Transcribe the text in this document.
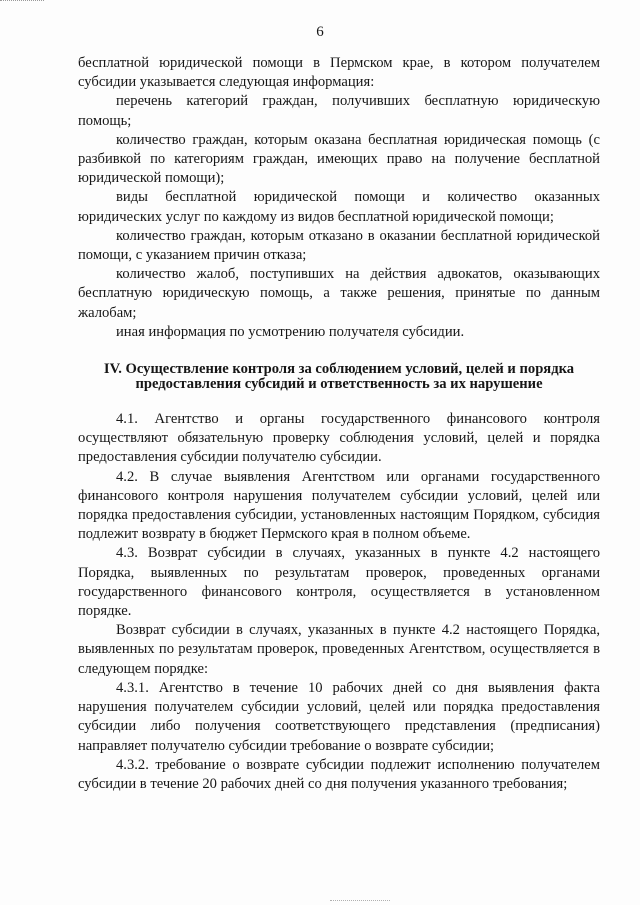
6

бесплатной юридической помощи в Пермском крае, в котором получателем субсидии указывается следующая информация:

перечень категорий граждан, получивших бесплатную юридическую помощь;

количество граждан, которым оказана бесплатная юридическая помощь (с разбивкой по категориям граждан, имеющих право на получение бесплатной юридической помощи);

виды бесплатной юридической помощи и количество оказанных юридических услуг по каждому из видов бесплатной юридической помощи;

количество граждан, которым отказано в оказании бесплатной юридической помощи, с указанием причин отказа;

количество жалоб, поступивших на действия адвокатов, оказывающих бесплатную юридическую помощь, а также решения, принятые по данным жалобам;

иная информация по усмотрению получателя субсидии.

IV. Осуществление контроля за соблюдением условий, целей и порядка предоставления субсидий и ответственность за их нарушение

4.1. Агентство и органы государственного финансового контроля осуществляют обязательную проверку соблюдения условий, целей и порядка предоставления субсидии получателю субсидии.

4.2. В случае выявления Агентством или органами государственного финансового контроля нарушения получателем субсидии условий, целей или порядка предоставления субсидии, установленных настоящим Порядком, субсидия подлежит возврату в бюджет Пермского края в полном объеме.

4.3. Возврат субсидии в случаях, указанных в пункте 4.2 настоящего Порядка, выявленных по результатам проверок, проведенных органами государственного финансового контроля, осуществляется в установленном порядке.

Возврат субсидии в случаях, указанных в пункте 4.2 настоящего Порядка, выявленных по результатам проверок, проведенных Агентством, осуществляется в следующем порядке:

4.3.1. Агентство в течение 10 рабочих дней со дня выявления факта нарушения получателем субсидии условий, целей или порядка предоставления субсидии либо получения соответствующего представления (предписания) направляет получателю субсидии требование о возврате субсидии;

4.3.2. требование о возврате субсидии подлежит исполнению получателем субсидии в течение 20 рабочих дней со дня получения указанного требования;
